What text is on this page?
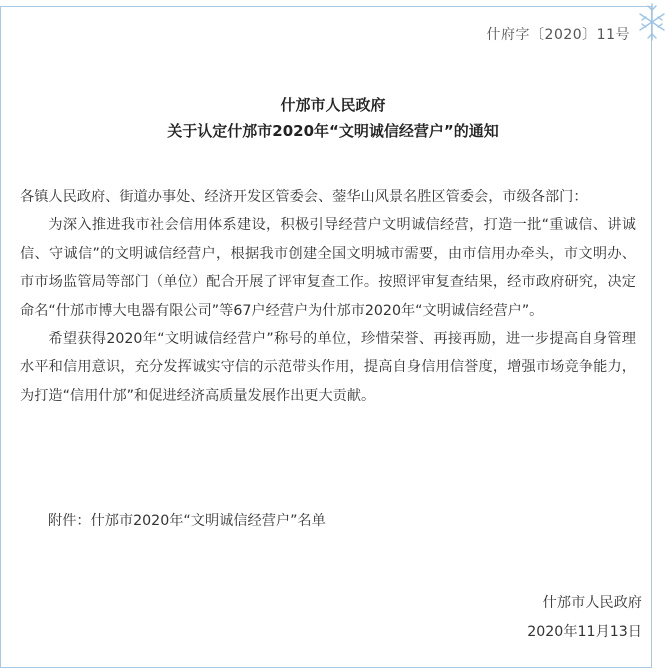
什府字〔2020〕11号
什邡市人民政府
关于认定什邡市2020年“文明诚信经营户”的通知

各镇人民政府、街道办事处、经济开发区管委会、蓥华山风景名胜区管委会，市级各部门：

为深入推进我市社会信用体系建设，积极引导经营户文明诚信经营，打造一批“重诚信、讲诚信、守诚信”的文明诚信经营户，根据我市创建全国文明城市需要，由市信用办牵头，市文明办、市市场监管局等部门（单位）配合开展了评审复查工作。按照评审复查结果，经市政府研究，决定命名“什邡市博大电器有限公司”等67户经营户为什邡市2020年“文明诚信经营户”。

希望获得2020年“文明诚信经营户”称号的单位，珍惜荣誉、再接再励，进一步提高自身管理水平和信用意识，充分发挥诚实守信的示范带头作用，提高自身信用信誉度，增强市场竞争能力，为打造“信用什邡”和促进经济高质量发展作出更大贡献。

附件：什邡市2020年“文明诚信经营户”名单
什邡市人民政府
2020年11月13日
